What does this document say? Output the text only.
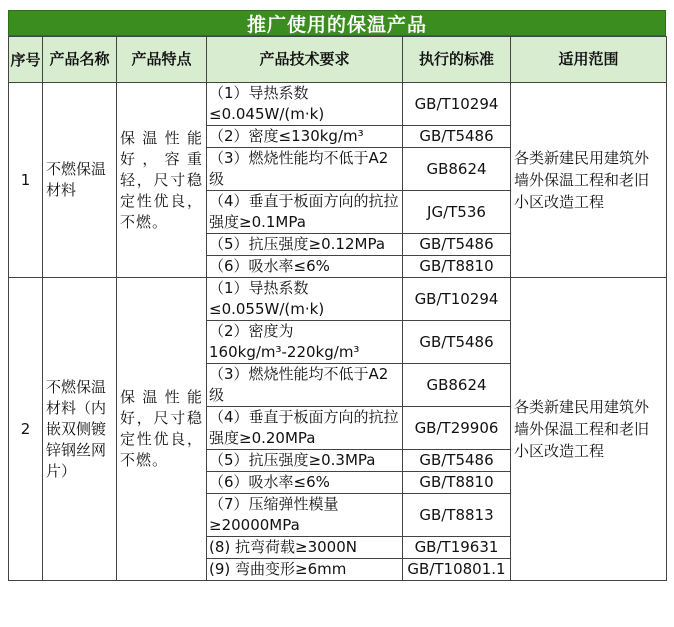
推广使用的保温产品
序号	产品名称	产品特点	产品技术要求	执行的标准	适用范围
1	不燃保温材料	保温性能好，容重轻，尺寸稳定性优良，不燃。	（1）导热系数≤0.045W/(m·k)	GB/T10294	各类新建民用建筑外墙外保温工程和老旧小区改造工程
			（2）密度≤130kg/m³	GB/T5486	
			（3）燃烧性能均不低于A2级	GB8624	
			（4）垂直于板面方向的抗拉强度≥0.1MPa	JG/T536	
			（5）抗压强度≥0.12MPa	GB/T5486	
			（6）吸水率≤6%	GB/T8810	
2	不燃保温材料（内嵌双侧镀锌钢丝网片）	保温性能好，尺寸稳定性优良，不燃。	（1）导热系数≤0.055W/(m·k)	GB/T10294	各类新建民用建筑外墙外保温工程和老旧小区改造工程
			（2）密度为160kg/m³-220kg/m³	GB/T5486	
			（3）燃烧性能均不低于A2级	GB8624	
			（4）垂直于板面方向的抗拉强度≥0.20MPa	GB/T29906	
			（5）抗压强度≥0.3MPa	GB/T5486	
			（6）吸水率≤6%	GB/T8810	
			（7）压缩弹性模量≥20000MPa	GB/T8813	
			(8) 抗弯荷载≥3000N	GB/T19631	
			(9) 弯曲变形≥6mm	GB/T10801.1	
